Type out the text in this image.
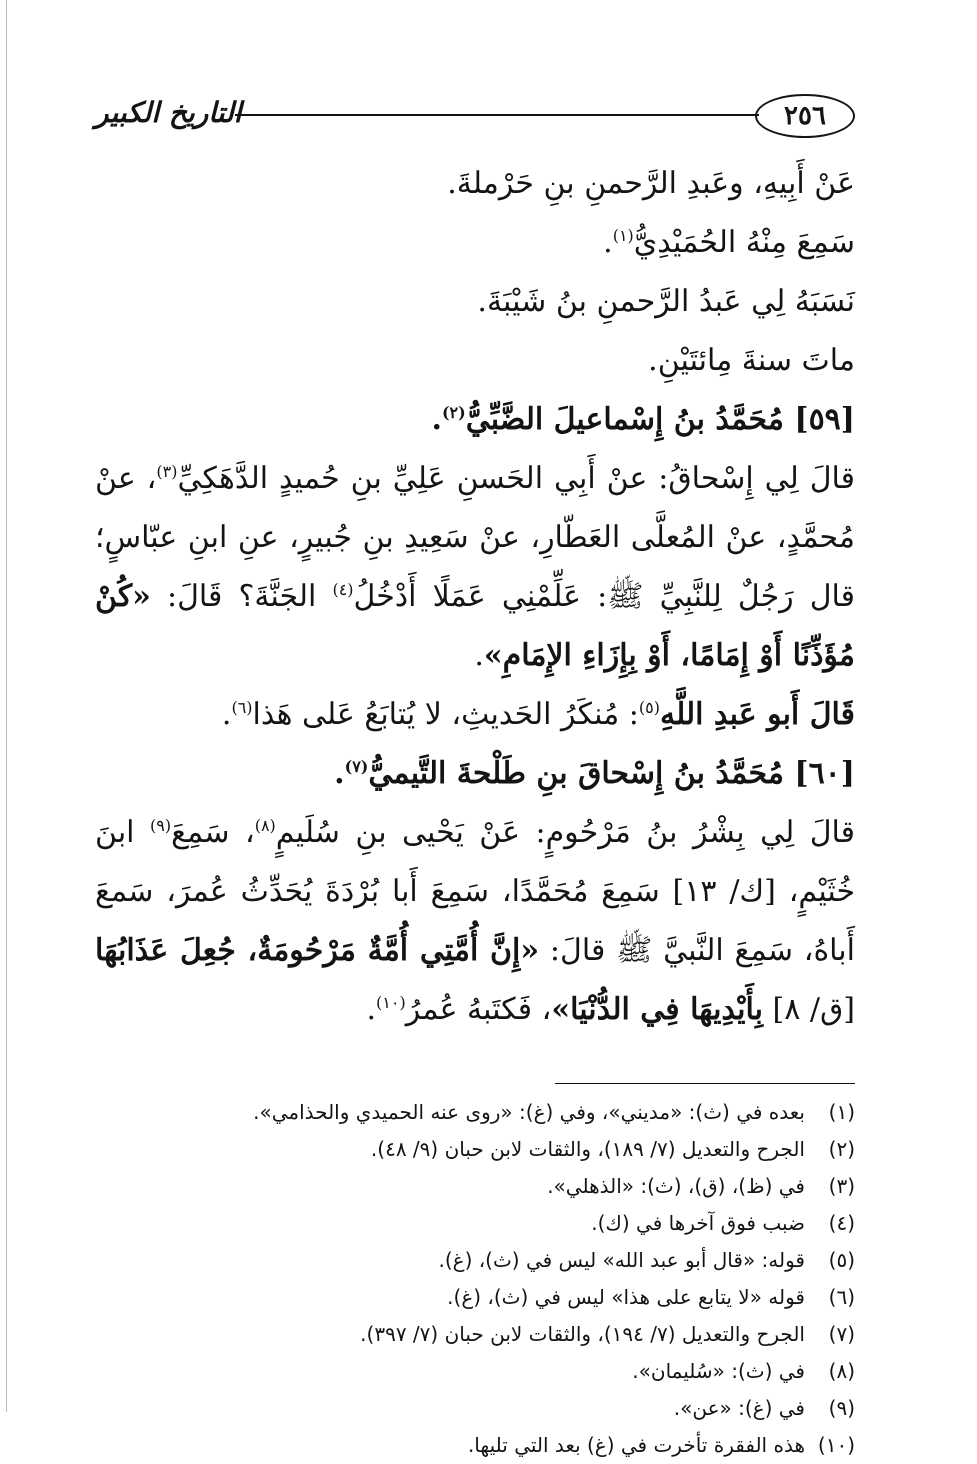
٢٥٦
التاريخ الكبير

عَنْ أَبِيهِ، وعَبدِ الرَّحمنِ بنِ حَرْملةَ.

سَمِعَ مِنْهُ الحُمَيْدِيُّ$^{(١)}$.

نَسَبَهُ لِي عَبدُ الرَّحمنِ بنُ شَيْبَةَ.

ماتَ سنةَ مِائتَيْنِ.

[٥٩] مُحَمَّدُ بنُ إِسْماعيلَ الضَّبِّيُّ$^{(٢)}$.

قالَ لِي إِسْحاقُ: عنْ أَبِي الحَسنِ عَلِيِّ بنِ حُميدٍ الدَّهَكِيِّ$^{(٣)}$، عنْ مُحمَّدٍ، عنْ المُعلَّى العَطّارِ، عنْ سَعِيدِ بنِ جُبيرٍ، عنِ ابنِ عبّاسٍ؛ قال رَجُلٌ لِلنَّبِيِّ ﷺ: عَلِّمْنِي عَمَلًا أَدْخُلُ$^{(٤)}$ الجَنَّةَ؟ قَالَ: «كُنْ مُؤَذِّنًا أَوْ إِمَامًا، أَوْ بِإِزَاءِ الإِمَامِ».

قَالَ أَبو عَبدِ اللَّهِ$^{(٥)}$: مُنكَرُ الحَديثِ، لا يُتابَعُ عَلى هَذا$^{(٦)}$.

[٦٠] مُحَمَّدُ بنُ إِسْحاقَ بنِ طَلْحةَ التَّيميُّ$^{(٧)}$.

قالَ لِي بِشْرُ بنُ مَرْحُومٍ: عَنْ يَحْيى بنِ سُلَيمٍ$^{(٨)}$، سَمِعَ$^{(٩)}$ ابنَ خُثَيْمٍ، [ك/ ١٣] سَمِعَ مُحَمَّدًا، سَمِعَ أَبا بُرْدَةَ يُحَدِّثُ عُمرَ، سَمعَ أَباهُ، سَمِعَ النَّبيَّ ﷺ قالَ: «إِنَّ أُمَّتِي أُمَّةٌ مَرْحُومَةٌ، جُعِلَ عَذَابُهَا [ق/ ٨] بِأَيْدِيهَا فِي الدُّنْيَا»، فَكتَبهُ عُمرُ$^{(١٠)}$.

(١)
بعده في (ث): «مديني»، وفي (غ): «روى عنه الحميدي والحذامي».
(٢)
الجرح والتعديل (٧/ ١٨٩)، والثقات لابن حبان (٩/ ٤٨).
(٣)
في (ظ)، (ق)، (ث): «الذهلي».
(٤)
ضبب فوق آخرها في (ك).
(٥)
قوله: «قال أبو عبد الله» ليس في (ث)، (غ).
(٦)
قوله «لا يتابع على هذا» ليس في (ث)، (غ).
(٧)
الجرح والتعديل (٧/ ١٩٤)، والثقات لابن حبان (٧/ ٣٩٧).
(٨)
في (ث): «سُليمان».
(٩)
في (غ): «عن».
(١٠)
هذه الفقرة تأخرت في (غ) بعد التي تليها.
